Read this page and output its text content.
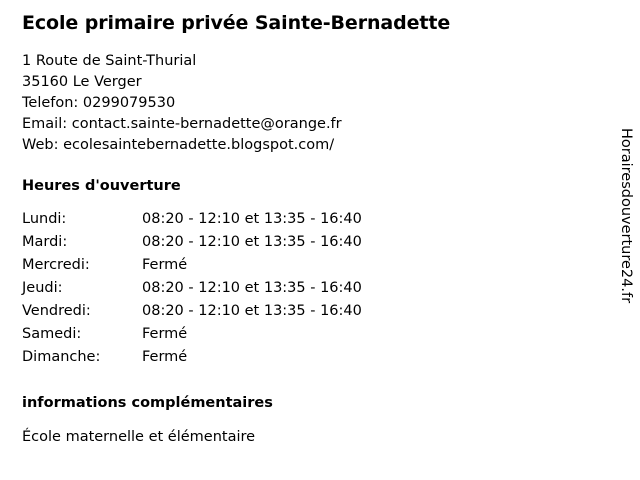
Ecole primaire privée Sainte-Bernadette

1 Route de Saint-Thurial

35160 Le Verger

Telefon: 0299079530

Email: contact.sainte-bernadette@orange.fr

Web: ecolesaintebernadette.blogspot.com/

Heures d'ouverture
Lundi:	08:20 - 12:10 et 13:35 - 16:40
Mardi:	08:20 - 12:10 et 13:35 - 16:40
Mercredi:	Fermé
Jeudi:	08:20 - 12:10 et 13:35 - 16:40
Vendredi:	08:20 - 12:10 et 13:35 - 16:40
Samedi:	Fermé
Dimanche:	Fermé
informations complémentaires

École maternelle et élémentaire

Horairesdouverture24.fr
